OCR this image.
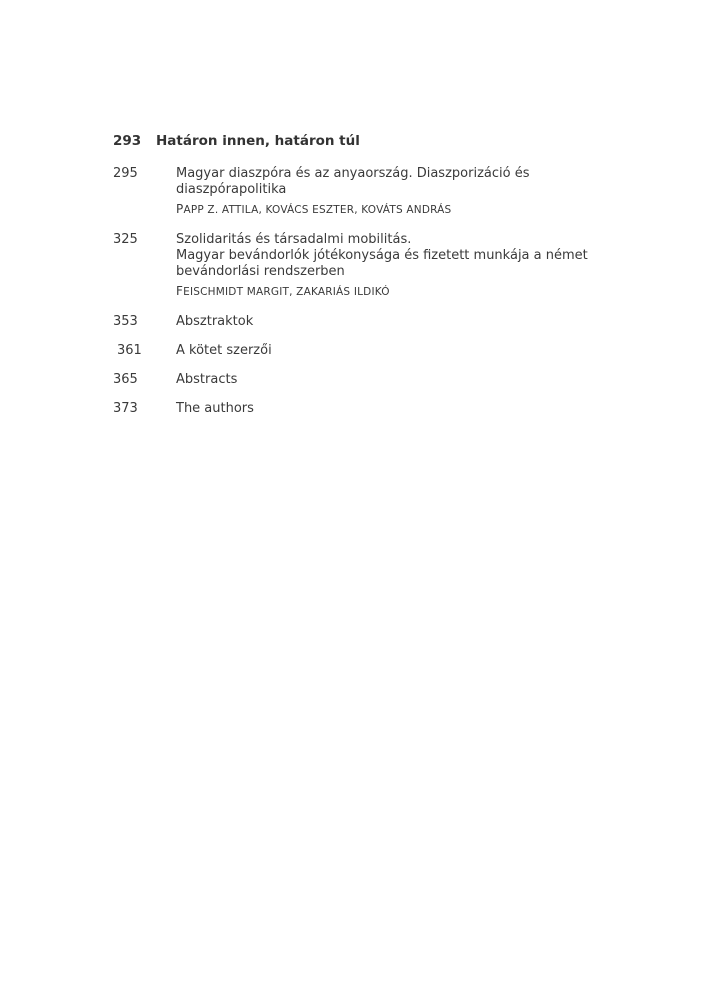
293	Határon innen, határon túl
295	Magyar diaszpóra és az anyaország. Diaszporizáció és
diaszpórapolitika
PAPP Z. ATTILA, KOVÁCS ESZTER, KOVÁTS ANDRÁS
325	Szolidaritás és társadalmi mobilitás.
Magyar bevándorlók jótékonysága és fizetett munkája a német
bevándorlási rendszerben
FEISCHMIDT MARGIT, ZAKARIÁS ILDIKÓ
353	Absztraktok
361	A kötet szerzői
365	Abstracts
373	The authors
